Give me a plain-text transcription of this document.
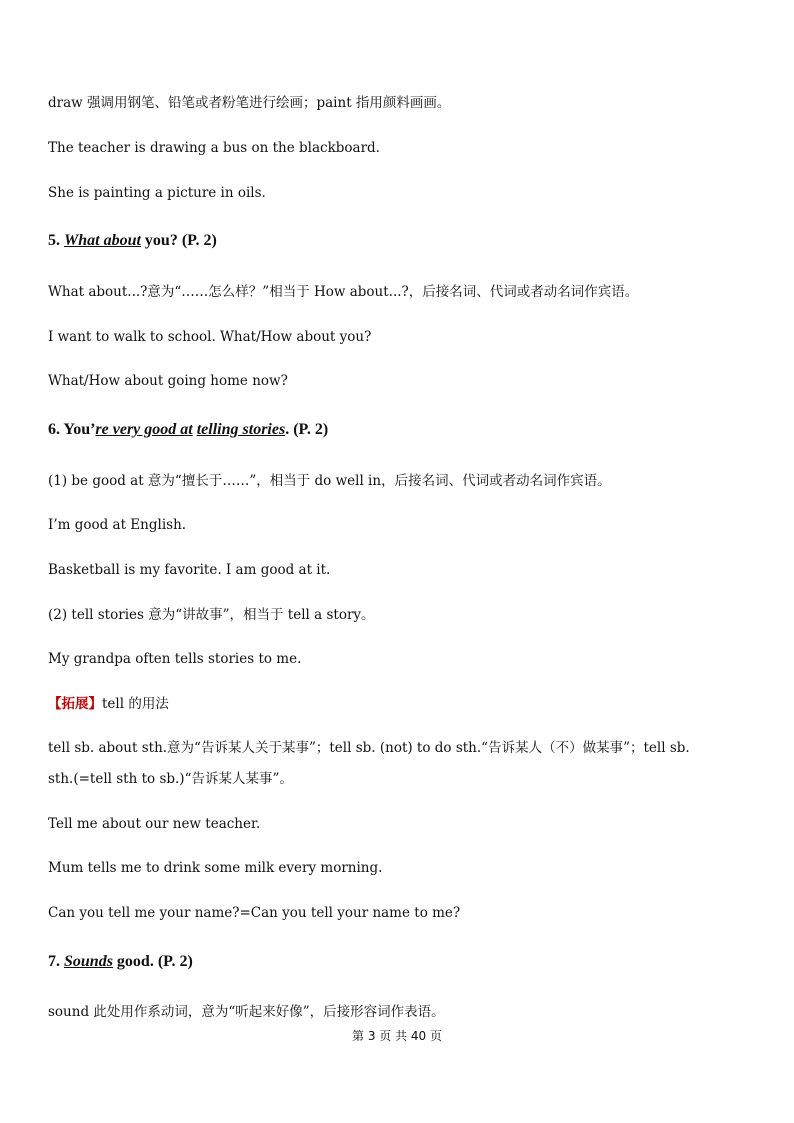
draw 强调用钢笔、铅笔或者粉笔进行绘画；paint 指用颜料画画。
The teacher is drawing a bus on the blackboard.
She is painting a picture in oils.
5. What about you? (P. 2)
What about...?意为“……怎么样？”相当于 How about...?，后接名词、代词或者动名词作宾语。
I want to walk to school. What/How about you?
What/How about going home now?
6. You’re very good at telling stories. (P. 2)
(1) be good at 意为“擅长于……”，相当于 do well in，后接名词、代词或者动名词作宾语。
I’m good at English.
Basketball is my favorite. I am good at it.
(2) tell stories 意为“讲故事”，相当于 tell a story。
My grandpa often tells stories to me.
【拓展】tell 的用法
tell sb. about sth.意为“告诉某人关于某事”；tell sb. (not) to do sth.“告诉某人（不）做某事”；tell sb.
sth.(=tell sth to sb.)“告诉某人某事”。
Tell me about our new teacher.
Mum tells me to drink some milk every morning.
Can you tell me your name?=Can you tell your name to me?
7. Sounds good. (P. 2)
sound 此处用作系动词，意为“听起来好像”，后接形容词作表语。
第 3 页 共 40 页
